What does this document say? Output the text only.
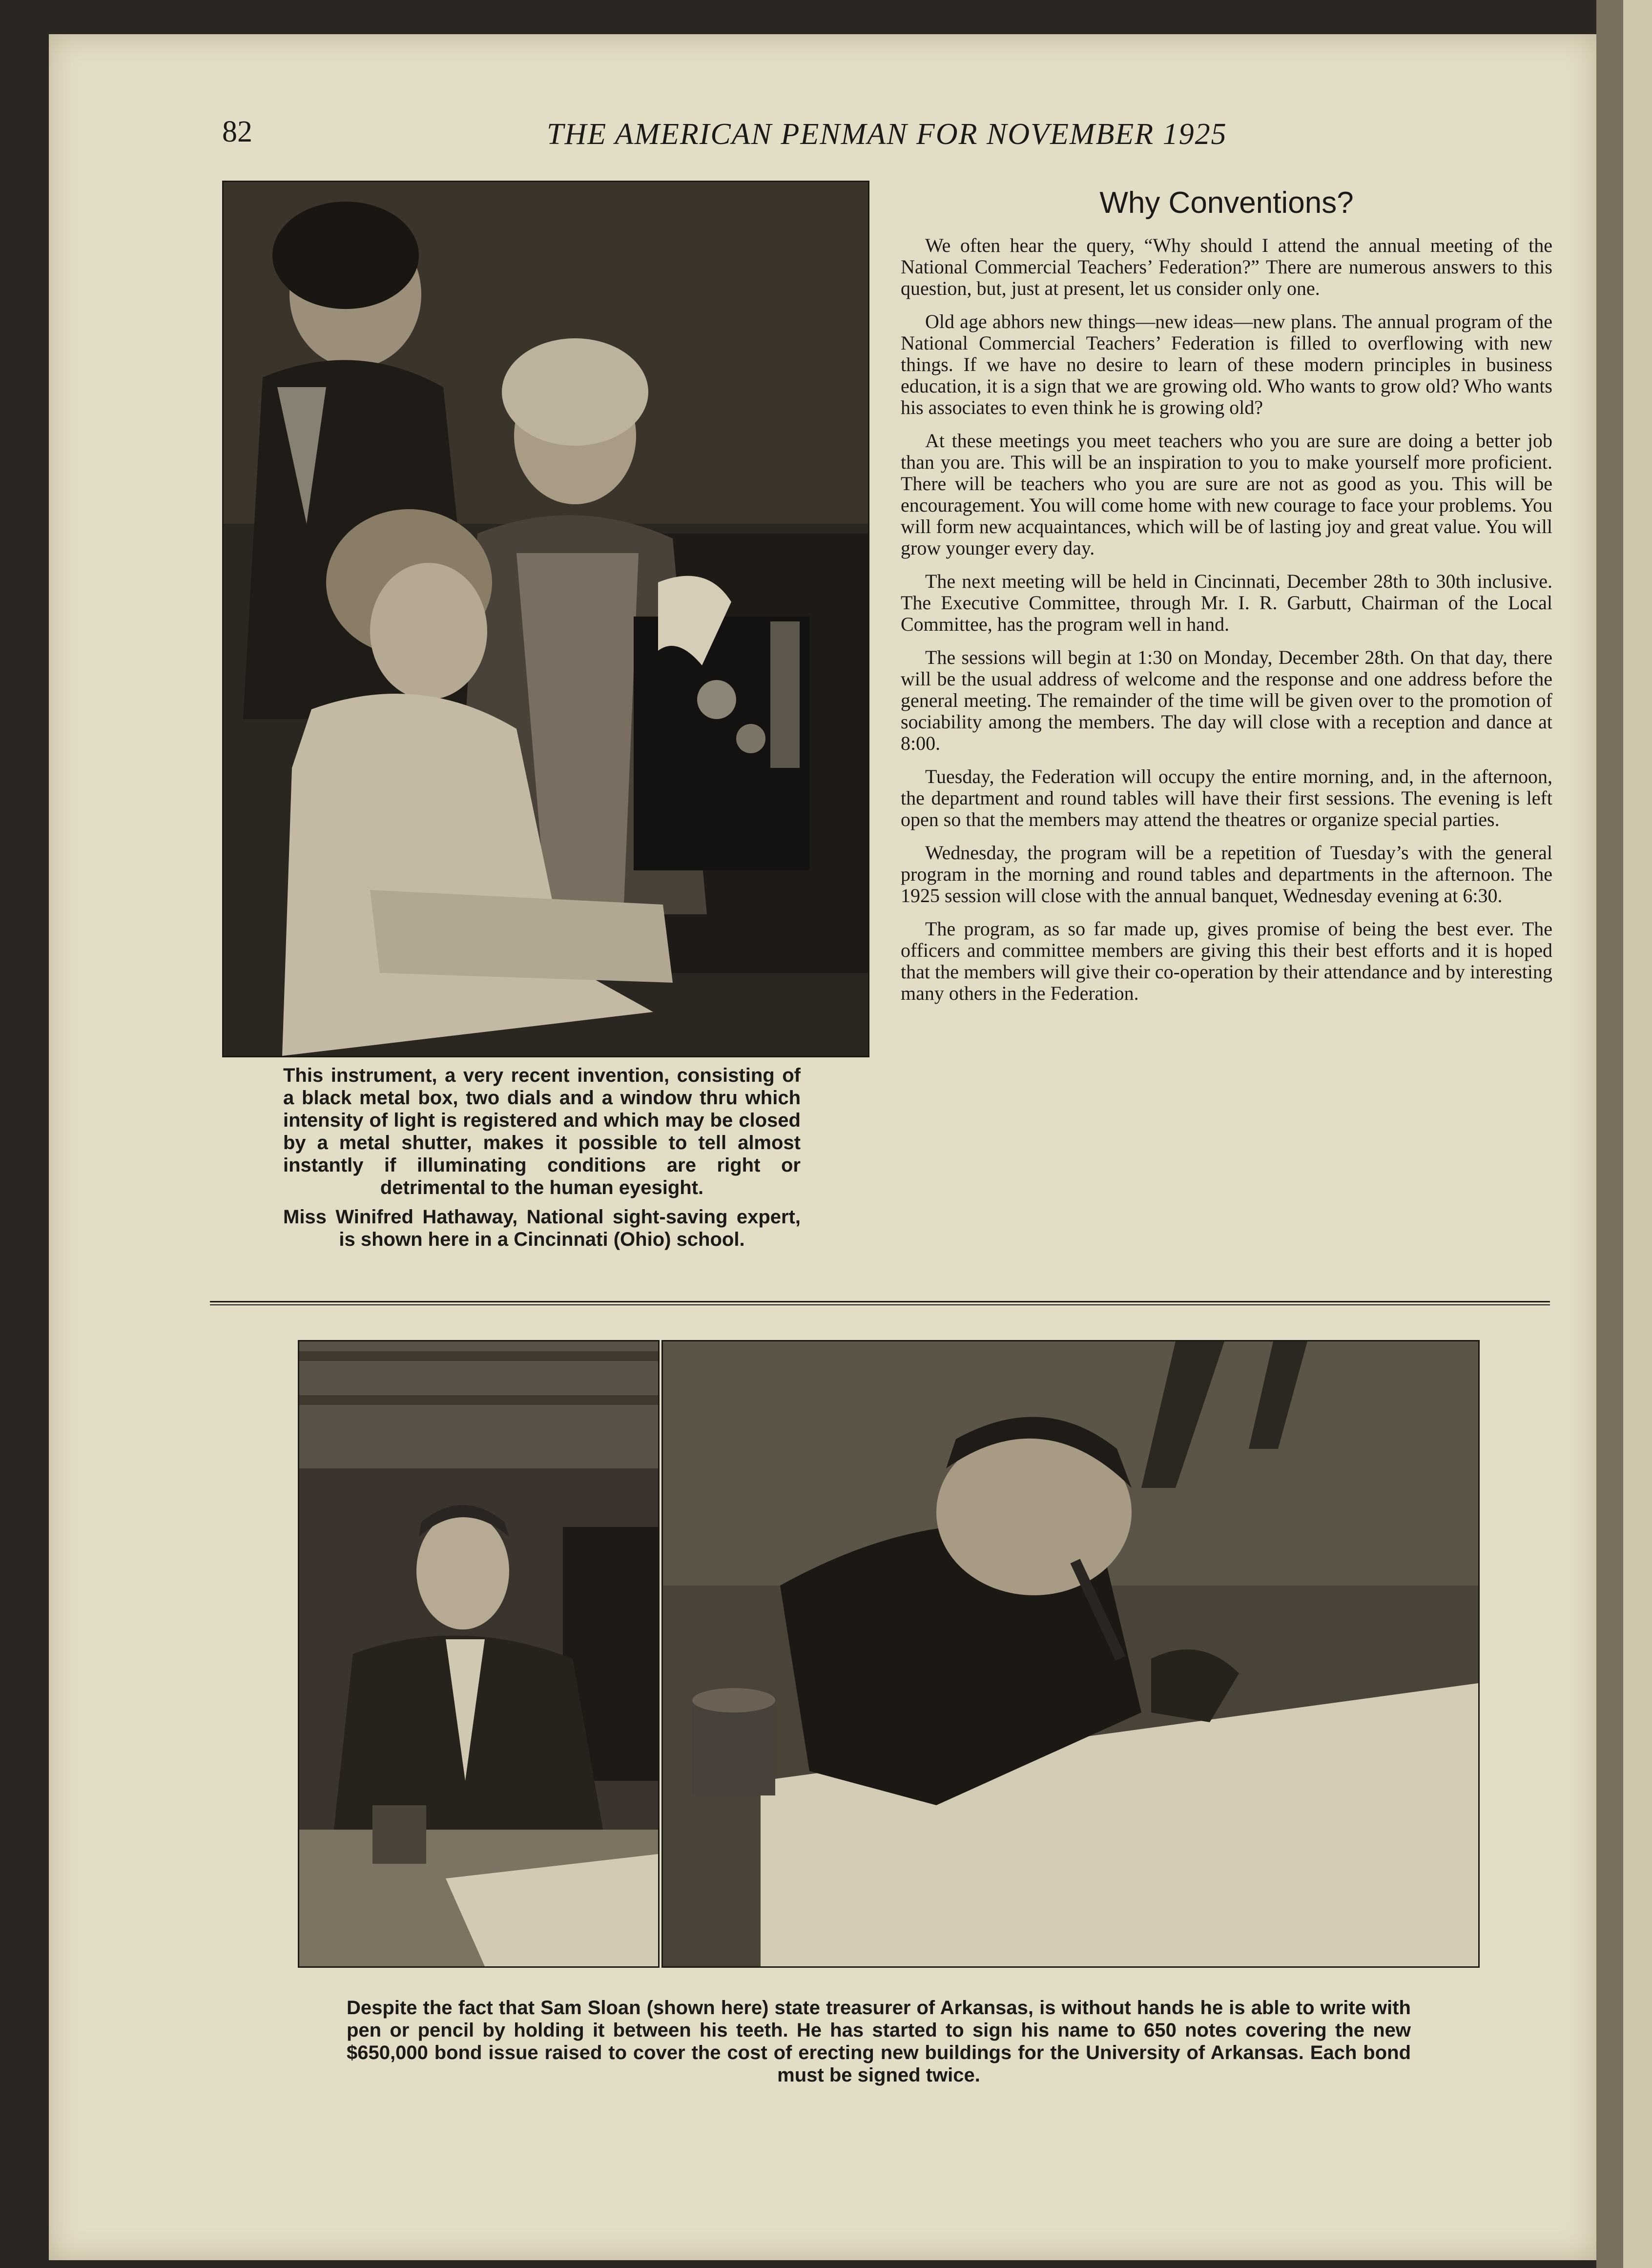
82	THE AMERICAN PENMAN FOR NOVEMBER 1925

This instrument, a very recent invention, consisting of a black metal box, two dials and a window thru which intensity of light is registered and which may be closed by a metal shutter, makes it possible to tell almost instantly if illuminating conditions are right or detrimental to the human eyesight.

Miss Winifred Hathaway, National sight-saving expert, is shown here in a Cincinnati (Ohio) school.

Why Conventions?

We often hear the query, “Why should I attend the annual meeting of the National Commercial Teachers’ Federation?” There are numerous answers to this question, but, just at present, let us consider only one.

Old age abhors new things—new ideas—new plans. The annual program of the National Commercial Teachers’ Federation is filled to overflowing with new things. If we have no desire to learn of these modern principles in business education, it is a sign that we are growing old. Who wants to grow old? Who wants his associates to even think he is growing old?

At these meetings you meet teachers who you are sure are doing a better job than you are. This will be an inspiration to you to make yourself more proficient. There will be teachers who you are sure are not as good as you. This will be encouragement. You will come home with new courage to face your problems. You will form new acquaintances, which will be of lasting joy and great value. You will grow younger every day.

The next meeting will be held in Cincinnati, December 28th to 30th inclusive. The Executive Committee, through Mr. I. R. Garbutt, Chairman of the Local Committee, has the program well in hand.

The sessions will begin at 1:30 on Monday, December 28th. On that day, there will be the usual address of welcome and the response and one address before the general meeting. The remainder of the time will be given over to the promotion of sociability among the members. The day will close with a reception and dance at 8:00.

Tuesday, the Federation will occupy the entire morning, and, in the afternoon, the department and round tables will have their first sessions. The evening is left open so that the members may attend the theatres or organize special parties.

Wednesday, the program will be a repetition of Tuesday’s with the general program in the morning and round tables and departments in the afternoon. The 1925 session will close with the annual banquet, Wednesday evening at 6:30.

The program, as so far made up, gives promise of being the best ever. The officers and committee members are giving this their best efforts and it is hoped that the members will give their co-operation by their attendance and by interesting many others in the Federation.

Despite the fact that Sam Sloan (shown here) state treasurer of Arkansas, is without hands he is able to write with pen or pencil by holding it between his teeth. He has started to sign his name to 650 notes covering the new $650,000 bond issue raised to cover the cost of erecting new buildings for the University of Arkansas. Each bond must be signed twice.
